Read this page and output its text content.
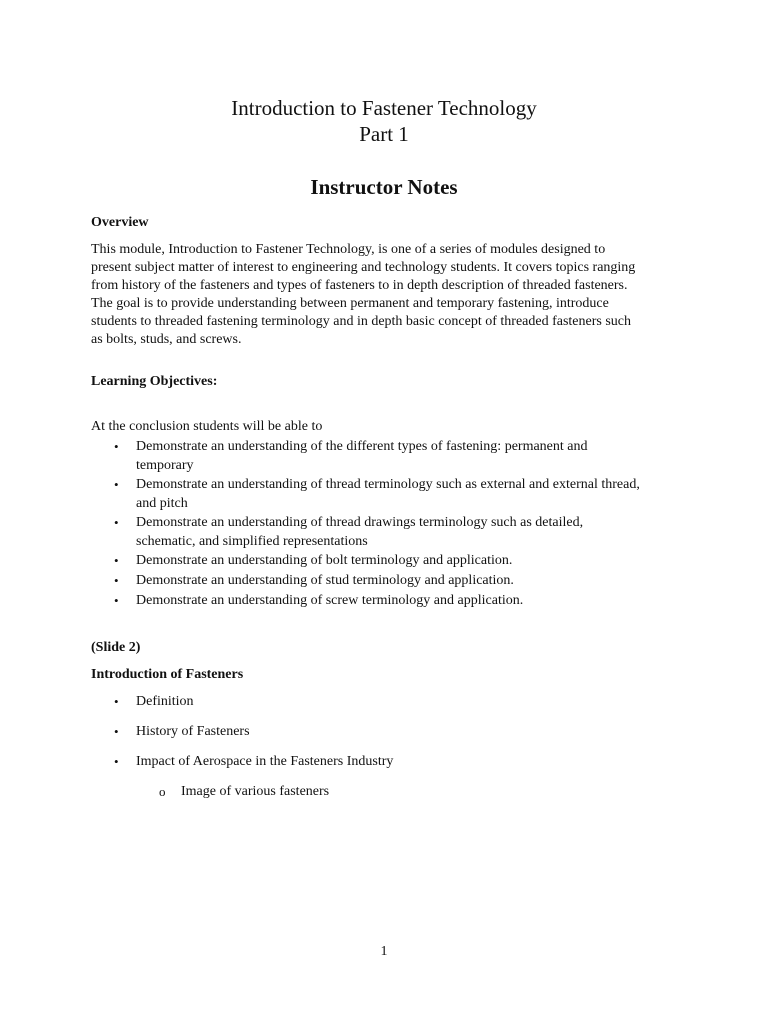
Introduction to Fastener Technology
Part 1
Instructor Notes
Overview
This module, Introduction to Fastener Technology, is one of a series of modules designed to
present subject matter of interest to engineering and technology students. It covers topics ranging
from history of the fasteners and types of fasteners to in depth description of threaded fasteners.
The goal is to provide understanding between permanent and temporary fastening, introduce
students to threaded fastening terminology and in depth basic concept of threaded fasteners such
as bolts, studs, and screws.
Learning Objectives:
At the conclusion students will be able to
• Demonstrate an understanding of the different types of fastening: permanent and
temporary
• Demonstrate an understanding of thread terminology such as external and external thread,
and pitch
• Demonstrate an understanding of thread drawings terminology such as detailed,
schematic, and simplified representations
• Demonstrate an understanding of bolt terminology and application.
• Demonstrate an understanding of stud terminology and application.
• Demonstrate an understanding of screw terminology and application.
(Slide 2)
Introduction of Fasteners
• Definition
• History of Fasteners
• Impact of Aerospace in the Fasteners Industry
o Image of various fasteners
1
